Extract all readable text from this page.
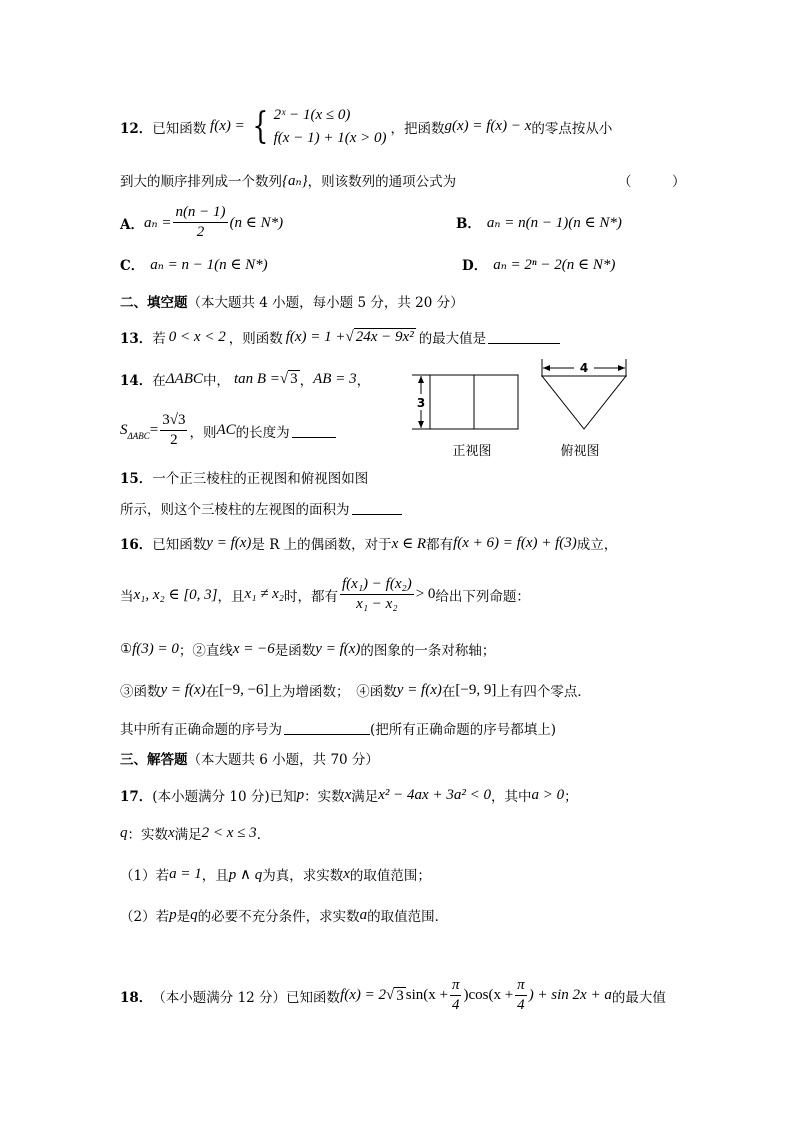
12． 已知函数 f(x) = { 2ˣ − 1(x ≤ 0)
f(x − 1) + 1(x > 0)
，把函数 g(x) = f(x) − x 的零点按从小
到大的顺序排列成一个数列 {aₙ} ，则该数列的通项公式为	（　　　）
A． $a_n = \frac{n(n - 1)}{2} (n$ ∈ N*)	B． aₙ = n(n − 1)(n ∈ N*)
C． aₙ = n − 1(n ∈ N*)	D． aₙ = 2ⁿ − 2(n ∈ N*)
二、填空题 （本大题共 4 小题，每小题 5 分，共 20 分）
13． 若 0 < x < 2 ，则函数 f(x) = 1 + √ 24x − 9x² 的最大值是
14． 在 ΔABC 中， tan B = √ 3 ， AB = 3 ，
S $\Delta ABC = \frac{3√3}{2}$ ，则 AC 的长度为
3
正视图
4
俯视图
15． 一个正三棱柱的正视图和俯视图如图
所示，则这个三棱柱的左视图的面积为
16． 已知函数 y = f(x) 是 R 上的偶函数，对于 x ∈ R 都有 f(x + 6) = f(x) + f(3) 成立，
当 x₁, x₂ ∈ [0, 3] ，且 x₁ ≠ x₂ 时，都有 $\frac{\text{f(x₁) − f(x₂)}}{\text{x₁ − x₂}} > 0$ 给出下列命题：
① f(3) = 0 ；②直线 x = −6 是函数 y = f(x) 的图象的一条对称轴；
③函数 y = f(x) 在 [−9, −6] 上为增函数；　④函数 y = f(x) 在 [−9, 9] 上有四个零点．
其中所有正确命题的序号为	(把所有正确命题的序号都填上)
三、解答题 （本大题共 6 小题，共 70 分）
17． (本小题满分 10 分)已知 p ：实数 x 满足 x² − 4ax + 3a² < 0 ，其中 a > 0 ；
q ：实数 x 满足 2 < x ≤ 3 ．
（1）若 a = 1 ，且 p ∧ q 为真，求实数 x 的取值范围；
（2）若 p 是 q 的必要不充分条件，求实数 a 的取值范围．
18． （本小题满分 12 分）已知函数 f(x) = 2 √ 3 $\sin(x + \frac{\pi}{4} )\cos(x + \frac{\pi}{4}$ ) + sin 2x + a 的最大值
